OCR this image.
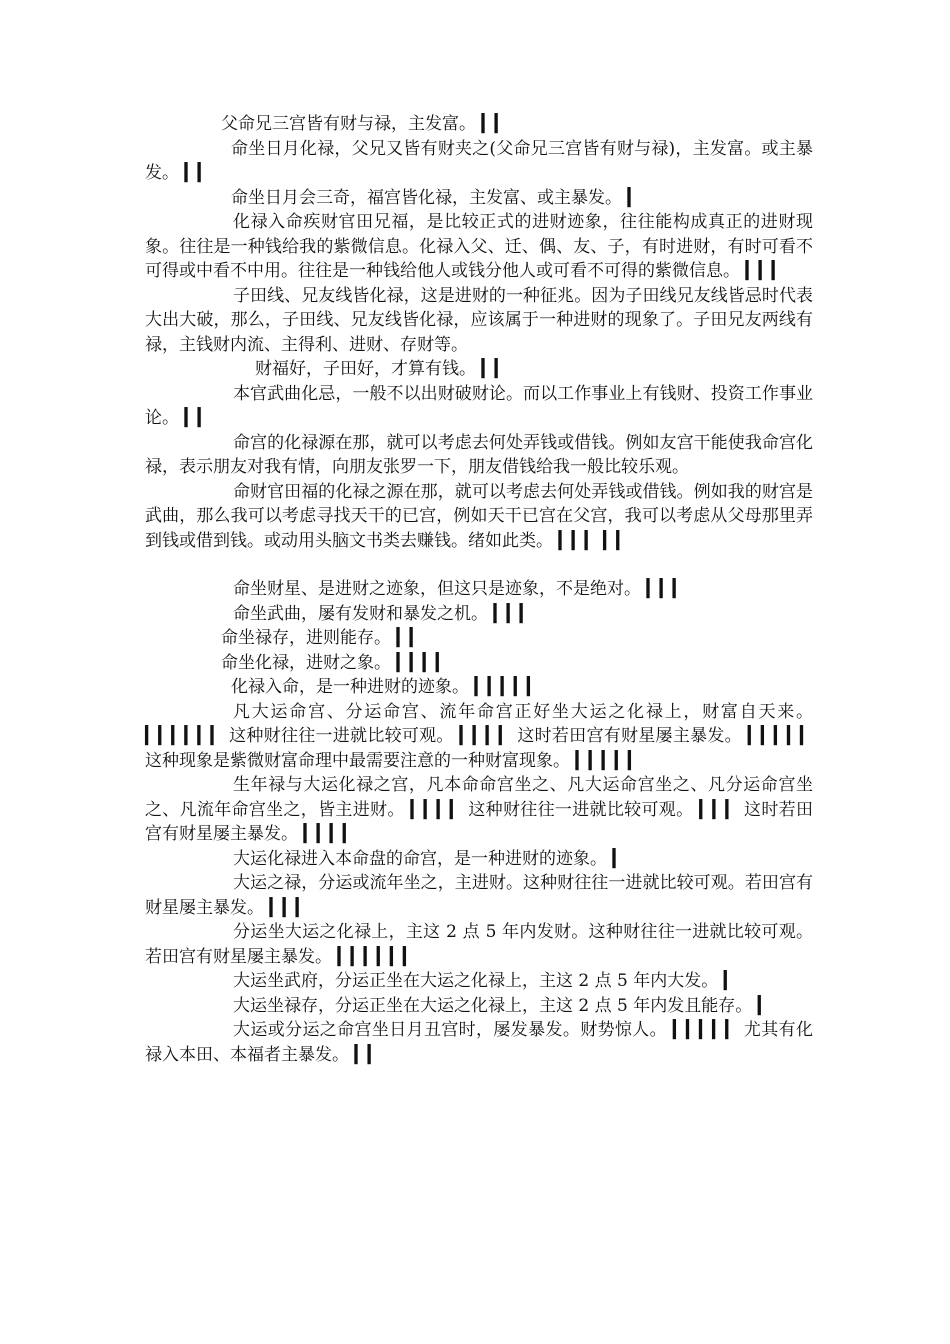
父命兄三宫皆有财与禄，主发富。 ▎▎

命坐日月化禄，父兄又皆有财夹之(父命兄三宫皆有财与禄)，主发富。或主暴发。 ▎▎

命坐日月会三奇，福宫皆化禄，主发富、或主暴发。 ▎

化禄入命疾财官田兄福，是比较正式的进财迹象，往往能构成真正的进财现象。往往是一种钱给我的紫微信息。化禄入父、迁、偶、友、子，有时进财，有时可看不可得或中看不中用。往往是一种钱给他人或钱分他人或可看不可得的紫微信息。 ▎▎▎

子田线、兄友线皆化禄，这是进财的一种征兆。因为子田线兄友线皆忌时代表大出大破，那么，子田线、兄友线皆化禄，应该属于一种进财的现象了。子田兄友两线有禄，主钱财内流、主得利、进财、存财等。

财福好，子田好，才算有钱。 ▎▎

本官武曲化忌，一般不以出财破财论。而以工作事业上有钱财、投资工作事业论。 ▎▎

命宫的化禄源在那，就可以考虑去何处弄钱或借钱。例如友宫干能使我命宫化禄，表示朋友对我有情，向朋友张罗一下，朋友借钱给我一般比较乐观。

命财官田福的化禄之源在那，就可以考虑去何处弄钱或借钱。例如我的财宫是武曲，那么我可以考虑寻找天干的已宫，例如天干已宫在父宫，我可以考虑从父母那里弄到钱或借到钱。或动用头脑文书类去赚钱。绪如此类。 ▎▎▎ ▎▎

命坐财星、是进财之迹象，但这只是迹象，不是绝对。 ▎▎▎

命坐武曲，屡有发财和暴发之机。 ▎▎▎

命坐禄存，进则能存。 ▎▎

命坐化禄，进财之象。 ▎▎▎▎

化禄入命，是一种进财的迹象。 ▎▎▎▎▎

凡大运命宫、分运命宫、流年命宫正好坐大运之化禄上，财富自天来。 ▎▎▎▎▎▎ 这种财往往一进就比较可观。 ▎▎▎▎ 这时若田宫有财星屡主暴发。 ▎▎▎▎▎ 这种现象是紫微财富命理中最需要注意的一种财富现象。 ▎▎▎▎▎

生年禄与大运化禄之宫，凡本命命宫坐之、凡大运命宫坐之、凡分运命宫坐之、凡流年命宫坐之，皆主进财。 ▎▎▎▎ 这种财往往一进就比较可观。 ▎▎▎ 这时若田宫有财星屡主暴发。 ▎▎▎▎

大运化禄进入本命盘的命宫，是一种进财的迹象。 ▎

大运之禄，分运或流年坐之，主进财。这种财往往一进就比较可观。若田宫有财星屡主暴发。 ▎▎▎

分运坐大运之化禄上，主这 2 点 5 年内发财。这种财往往一进就比较可观。若田宫有财星屡主暴发。 ▎▎▎▎▎▎

大运坐武府，分运正坐在大运之化禄上，主这 2 点 5 年内大发。 ▎

大运坐禄存，分运正坐在大运之化禄上，主这 2 点 5 年内发且能存。 ▎

大运或分运之命宫坐日月丑宫时，屡发暴发。财势惊人。 ▎▎▎▎▎ 尤其有化禄入本田、本福者主暴发。 ▎▎
